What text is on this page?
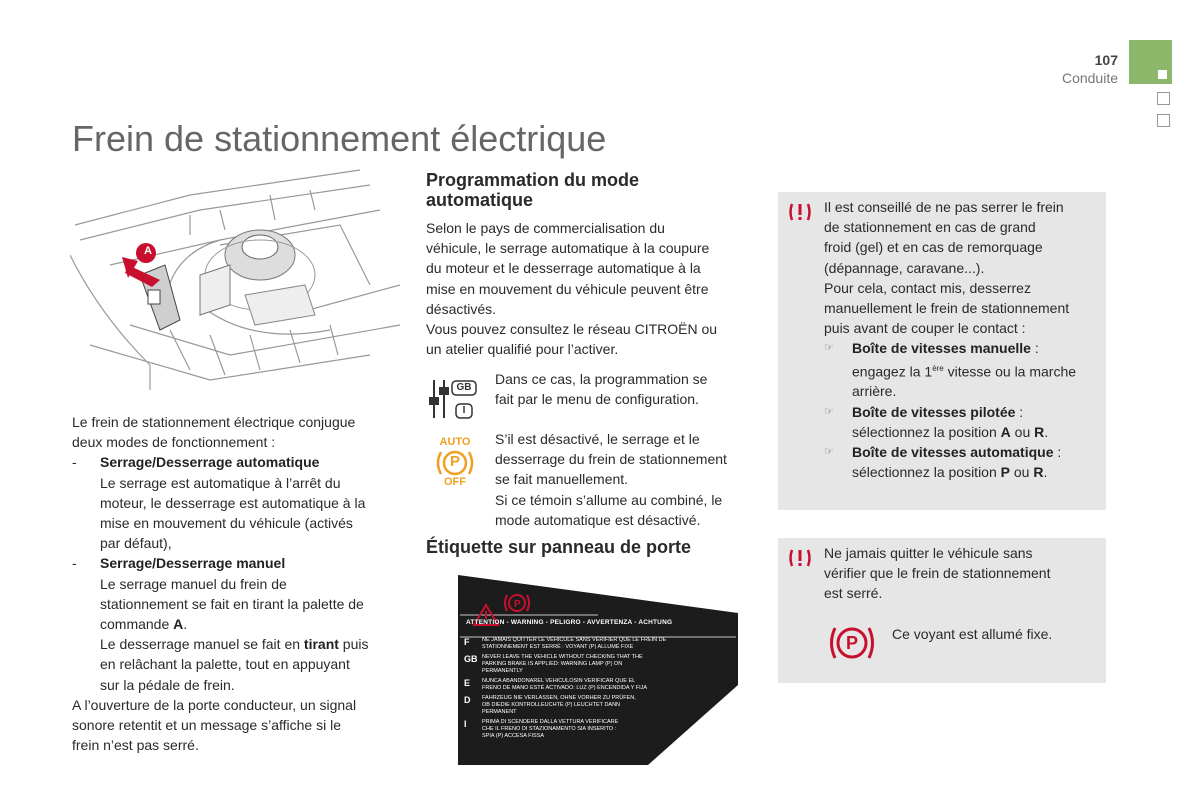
107
Conduite
Frein de stationnement électrique
A
Le frein de stationnement électrique conjugue
deux modes de fonctionnement :
- Serrage/Desserrage automatique
Le serrage est automatique à l’arrêt du
moteur, le desserrage est automatique à la
mise en mouvement du véhicule (activés
par défaut),
- Serrage/Desserrage manuel
Le serrage manuel du frein de
stationnement se fait en tirant la palette de
commande A.
Le desserrage manuel se fait en tirant puis
en relâchant la palette, tout en appuyant
sur la pédale de frein.
A l’ouverture de la porte conducteur, un signal
sonore retentit et un message s’affiche si le
frein n’est pas serré.
Programmation du mode
automatique
Selon le pays de commercialisation du
véhicule, le serrage automatique à la coupure
du moteur et le desserrage automatique à la
mise en mouvement du véhicule peuvent être
désactivés.
Vous pouvez consultez le réseau CITROËN ou
un atelier qualifié pour l’activer.
GB
I
Dans ce cas, la programmation se
fait par le menu de configuration.
AUTO
P
OFF
S’il est désactivé, le serrage et le
desserrage du frein de stationnement
se fait manuellement.
Si ce témoin s’allume au combiné, le
mode automatique est désactivé.
Étiquette sur panneau de porte
P
ATTENTION - WARNING - PELIGRO - AVVERTENZA - ACHTUNG
F	NE JAMAIS QUITTER LE VÉHICULE SANS VÉRIFIER QUE LE FREIN DE
STATIONNEMENT EST SERRÉ : VOYANT (P) ALLUMÉ FIXE
GB NEVER LEAVE THE VEHICLE WITHOUT CHECKING THAT THE
PARKING BRAKE IS APPLIED: WARNING LAMP (P) ON
PERMANENTLY
E	NUNCA ABANDONAREL VEHICULOSIN VERIFICAR QUE EL
FRENO DE MANO ESTÉ ACTIVADO: LUZ (P) ENCENDIDA Y FIJA
D	FAHRZEUG NIE VERLASSEN, OHNE VORHER ZU PRÜFEN,
OB DIEDIE KONTROLLEUCHTE (P) LEUCHTET DANN
PERMANENT
I	PRIMA DI SCENDERE DALLA VETTURA VERIFICARE
CHE IL FRENO DI STAZIONAMENTO SIA INSERITO :
SPIA (P) ACCESA FISSA
Il est conseillé de ne pas serrer le frein
de stationnement en cas de grand
froid (gel) et en cas de remorquage
(dépannage, caravane...).
Pour cela, contact mis, desserrez
manuellement le frein de stationnement
puis avant de couper le contact :
☞ Boîte de vitesses manuelle :
engagez la 1ère vitesse ou la marche
arrière.
☞ Boîte de vitesses pilotée :
sélectionnez la position A ou R.
☞ Boîte de vitesses automatique :
sélectionnez la position P ou R.
Ne jamais quitter le véhicule sans
vérifier que le frein de stationnement
est serré.
P	Ce voyant est allumé fixe.
